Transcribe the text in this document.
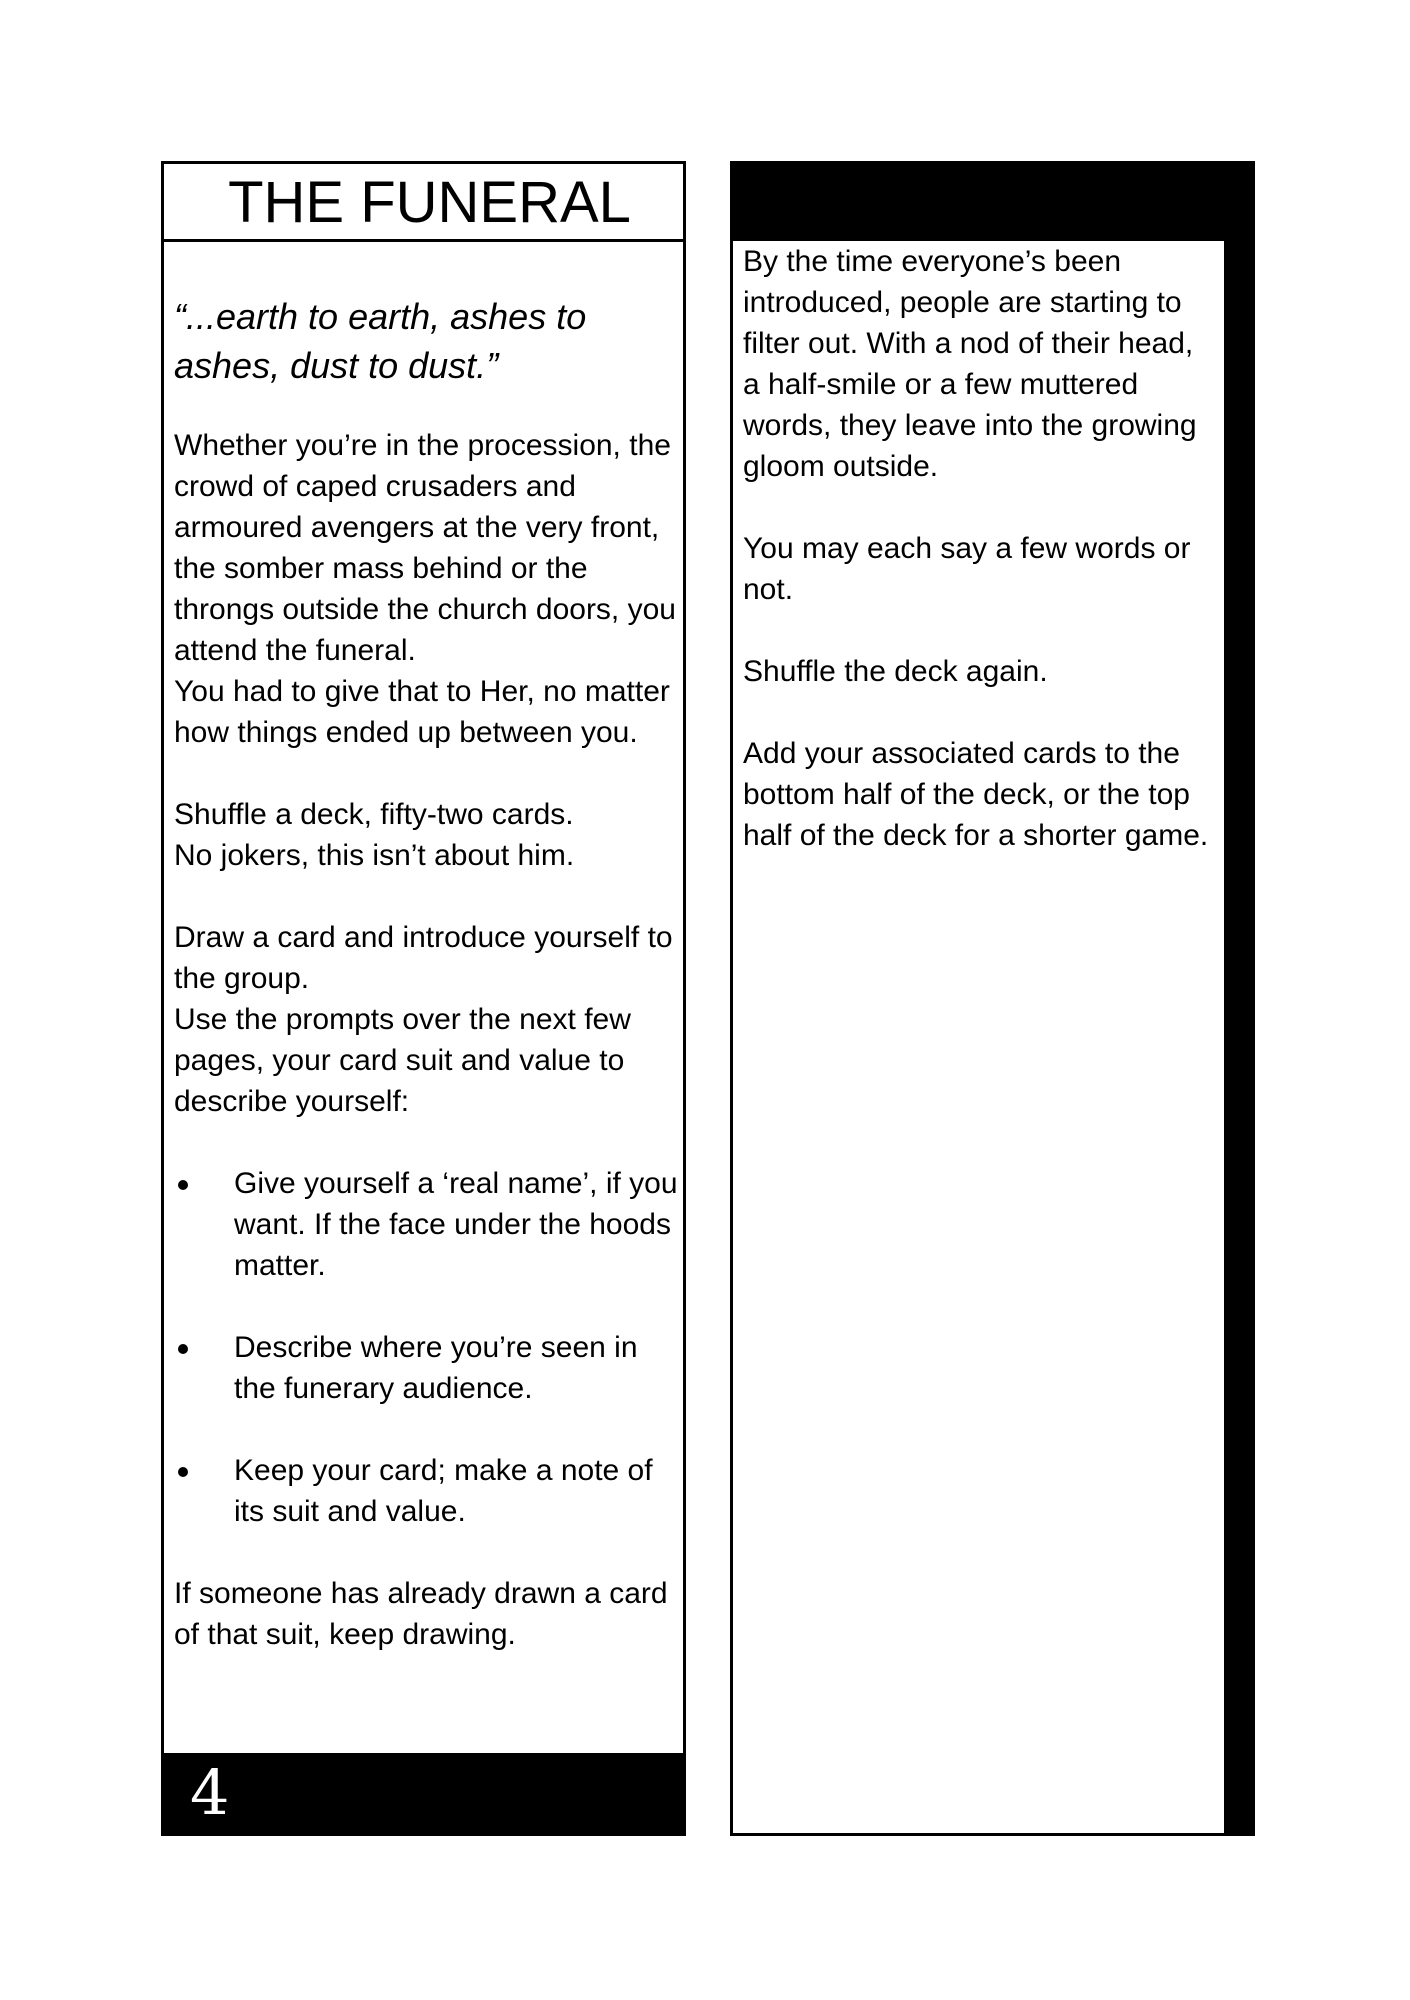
THE FUNERAL

“...earth to earth, ashes to ashes, dust to dust.”

Whether you’re in the procession, the crowd of caped crusaders and armoured avengers at the very front, the somber mass behind or the throngs outside the church doors, you attend the funeral.
You had to give that to Her, no matter how things ended up between you.
Shuffle a deck, fifty-two cards.
No jokers, this isn’t about him.
Draw a card and introduce yourself to the group.
Use the prompts over the next few pages, your card suit and value to describe yourself:
Give yourself a ‘real name’, if you want. If the face under the hoods matter.
Describe where you’re seen in the funerary audience.
Keep your card; make a note of its suit and value.

If someone has already drawn a card of that suit, keep drawing.

4

By the time everyone’s been introduced, people are starting to filter out. With a nod of their head, a half-smile or a few muttered words, they leave into the growing gloom outside.

You may each say a few words or not.

Shuffle the deck again.

Add your associated cards to the bottom half of the deck, or the top half of the deck for a shorter game.
